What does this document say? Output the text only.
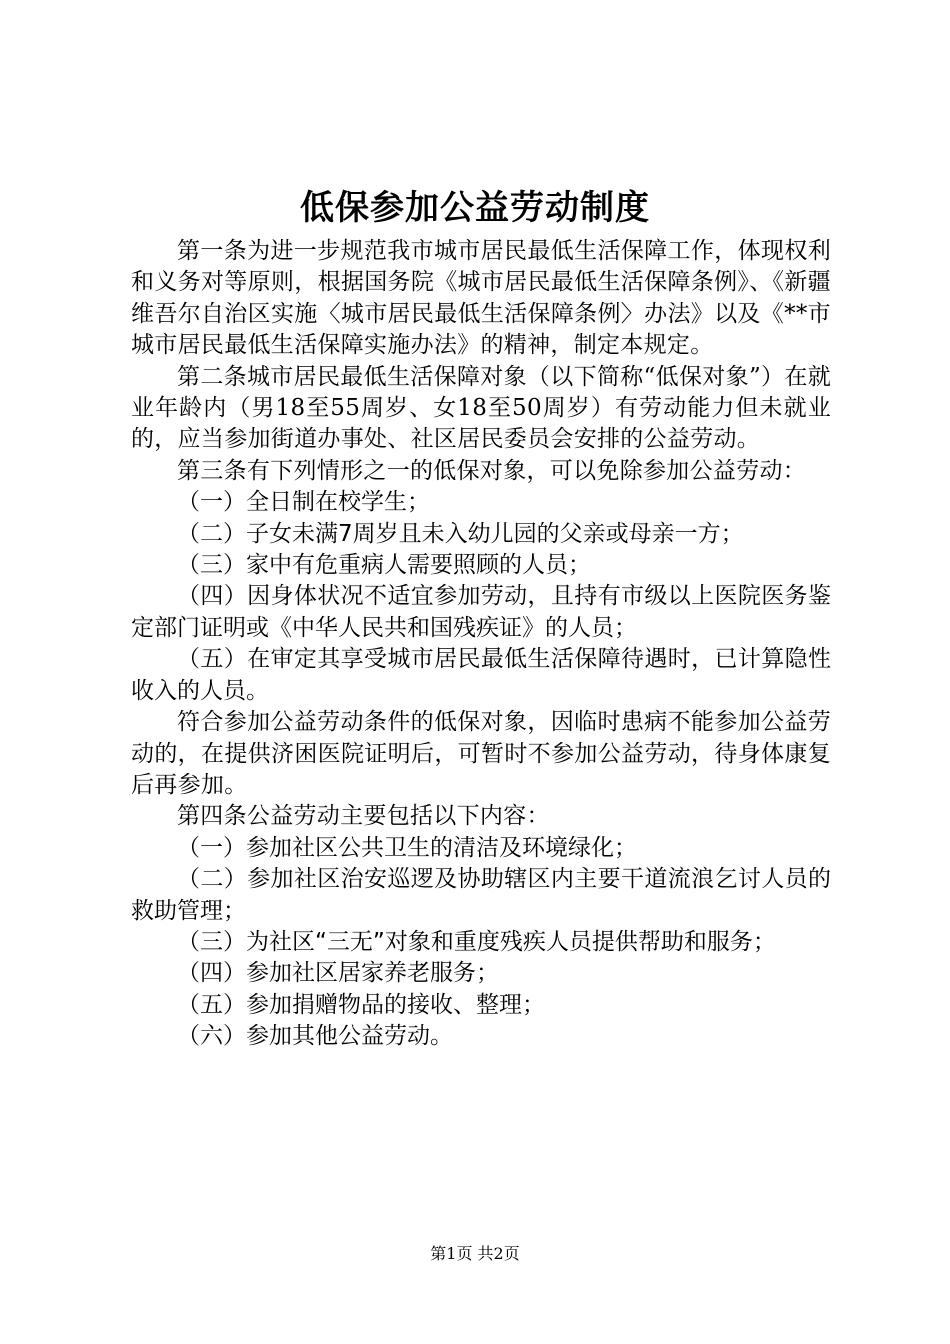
低保参加公益劳动制度

第一条为进一步规范我市城市居民最低生活保障工作，体现权利和义务对等原则，根据国务院《城市居民最低生活保障条例》、《新疆维吾尔自治区实施〈城市居民最低生活保障条例〉办法》以及《**市城市居民最低生活保障实施办法》的精神，制定本规定。

第二条城市居民最低生活保障对象（以下简称“低保对象”）在就业年龄内（男18至55周岁、女18至50周岁）有劳动能力但未就业的，应当参加街道办事处、社区居民委员会安排的公益劳动。

第三条有下列情形之一的低保对象，可以免除参加公益劳动：

（一）全日制在校学生；

（二）子女未满7周岁且未入幼儿园的父亲或母亲一方；

（三）家中有危重病人需要照顾的人员；

（四）因身体状况不适宜参加劳动，且持有市级以上医院医务鉴定部门证明或《中华人民共和国残疾证》的人员；

（五）在审定其享受城市居民最低生活保障待遇时，已计算隐性收入的人员。

符合参加公益劳动条件的低保对象，因临时患病不能参加公益劳动的，在提供济困医院证明后，可暂时不参加公益劳动，待身体康复后再参加。

第四条公益劳动主要包括以下内容：

（一）参加社区公共卫生的清洁及环境绿化；

（二）参加社区治安巡逻及协助辖区内主要干道流浪乞讨人员的救助管理；

（三）为社区“三无”对象和重度残疾人员提供帮助和服务；

（四）参加社区居家养老服务；

（五）参加捐赠物品的接收、整理；

（六）参加其他公益劳动。

第1页 共2页
